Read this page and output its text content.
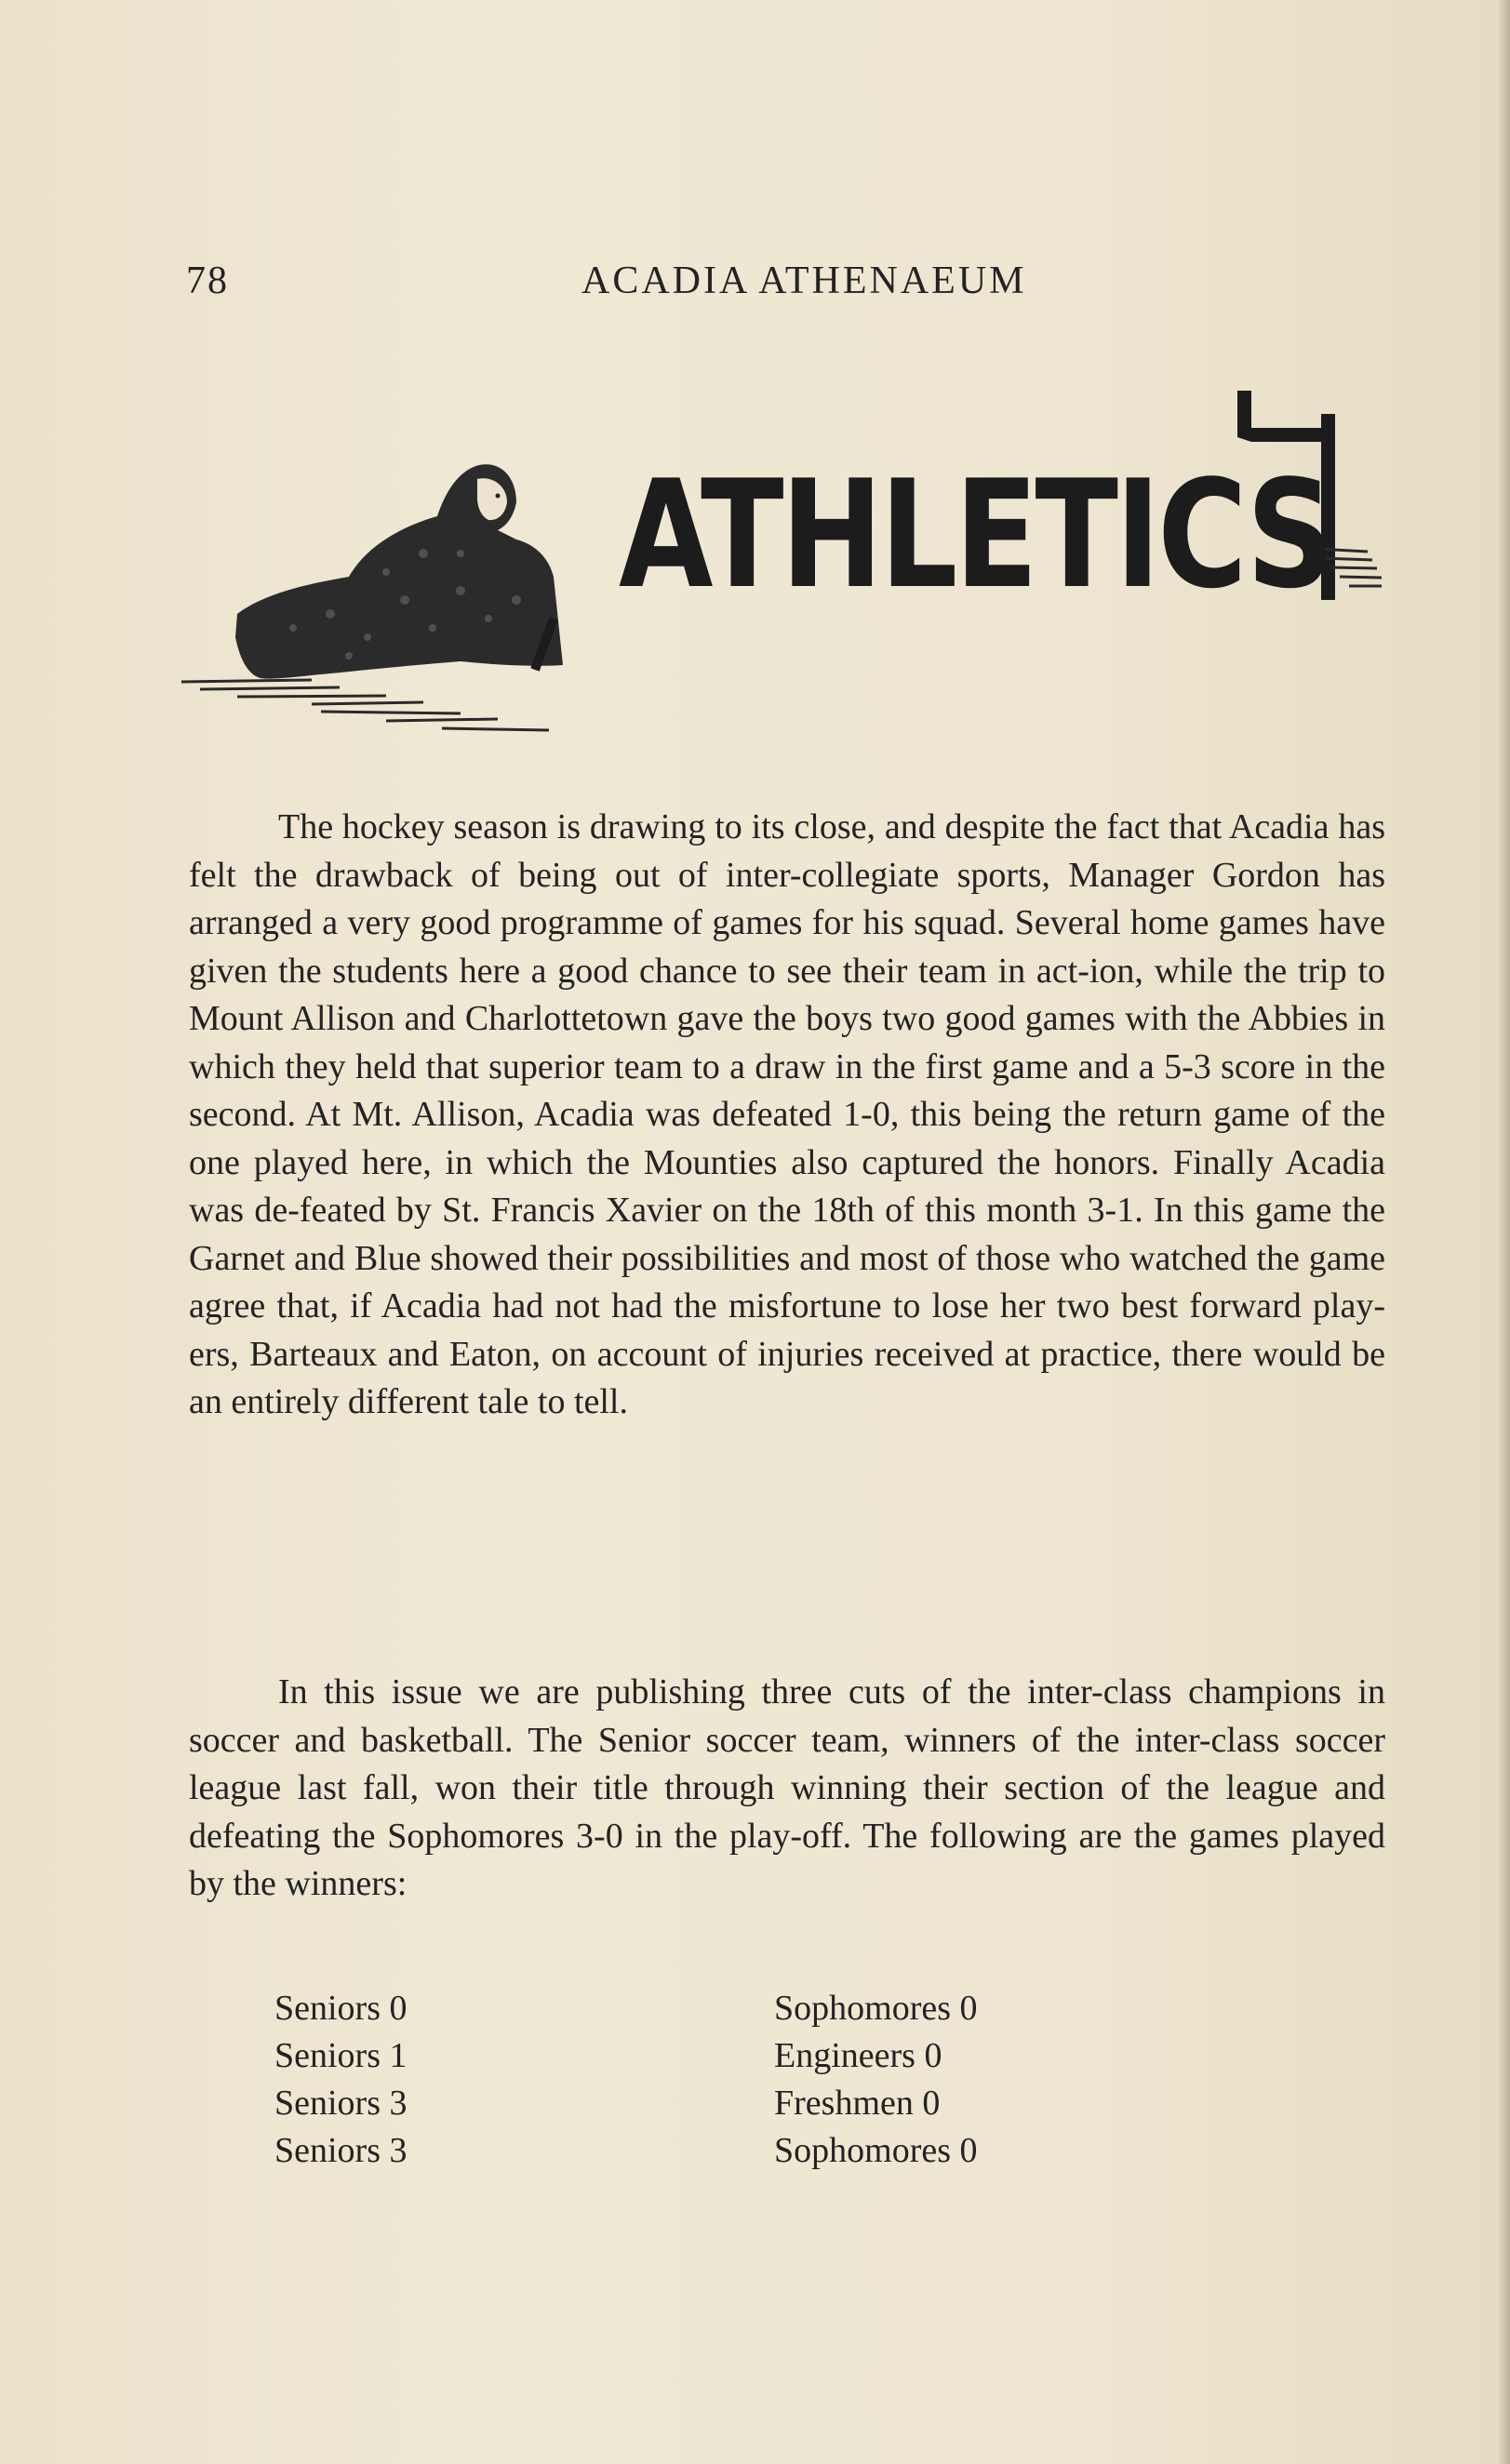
78	ACADIA ATHENAEUM
ATHLETICS

The hockey season is drawing to its close, and despite the fact that Acadia has felt the drawback of being out of inter-collegiate sports, Manager Gordon has arranged a very good programme of games for his squad. Several home games have given the students here a good chance to see their team in act-ion, while the trip to Mount Allison and Charlottetown gave the boys two good games with the Abbies in which they held that superior team to a draw in the first game and a 5-3 score in the second. At Mt. Allison, Acadia was defeated 1-0, this being the return game of the one played here, in which the Mounties also captured the honors. Finally Acadia was de-feated by St. Francis Xavier on the 18th of this month 3-1. In this game the Garnet and Blue showed their possibilities and most of those who watched the game agree that, if Acadia had not had the misfortune to lose her two best forward play-ers, Barteaux and Eaton, on account of injuries received at practice, there would be an entirely different tale to tell.

In this issue we are publishing three cuts of the inter-class champions in soccer and basketball. The Senior soccer team, winners of the inter-class soccer league last fall, won their title through winning their section of the league and defeating the Sophomores 3-0 in the play-off. The following are the games played by the winners:

Seniors 0	Sophomores 0
Seniors 1	Engineers 0
Seniors 3	Freshmen 0
Seniors 3	Sophomores 0
